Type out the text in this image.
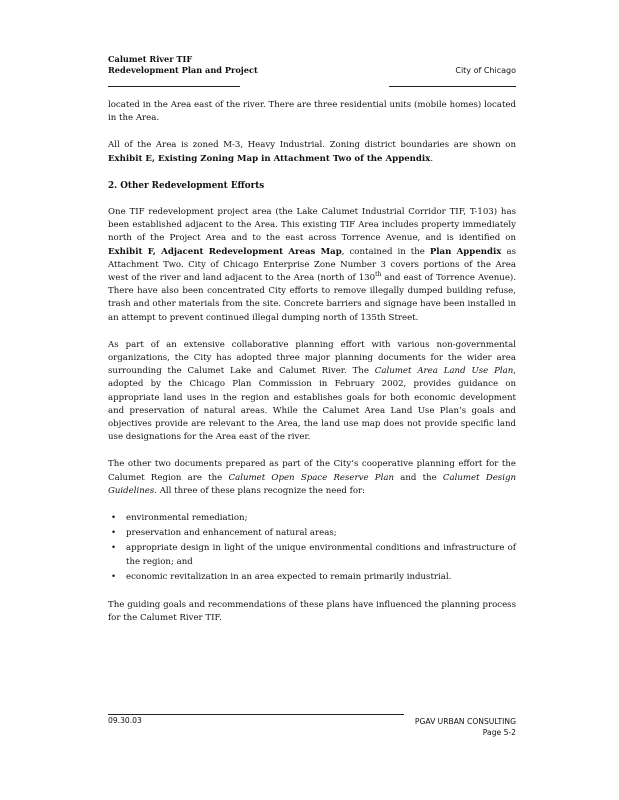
Calumet River TIF
Redevelopment Plan and Project	City of Chicago

located in the Area east of the river. There are three residential units (mobile homes) located in the Area.

All of the Area is zoned M-3, Heavy Industrial. Zoning district boundaries are shown on Exhibit E, Existing Zoning Map in Attachment Two of the Appendix.

2. Other Redevelopment Efforts

One TIF redevelopment project area (the Lake Calumet Industrial Corridor TIF, T-103) has been established adjacent to the Area. This existing TIF Area includes property immediately north of the Project Area and to the east across Torrence Avenue, and is identified on Exhibit F, Adjacent Redevelopment Areas Map, contained in the Plan Appendix as Attachment Two. City of Chicago Enterprise Zone Number 3 covers portions of the Area west of the river and land adjacent to the Area (north of 130th and east of Torrence Avenue). There have also been concentrated City efforts to remove illegally dumped building refuse, trash and other materials from the site. Concrete barriers and signage have been installed in an attempt to prevent continued illegal dumping north of 135th Street.

As part of an extensive collaborative planning effort with various non-governmental organizations, the City has adopted three major planning documents for the wider area surrounding the Calumet Lake and Calumet River. The Calumet Area Land Use Plan, adopted by the Chicago Plan Commission in February 2002, provides guidance on appropriate land uses in the region and establishes goals for both economic development and preservation of natural areas. While the Calumet Area Land Use Plan’s goals and objectives provide are relevant to the Area, the land use map does not provide specific land use designations for the Area east of the river.

The other two documents prepared as part of the City’s cooperative planning effort for the Calumet Region are the Calumet Open Space Reserve Plan and the Calumet Design Guidelines. All three of these plans recognize the need for:

• environmental remediation;
• preservation and enhancement of natural areas;
• appropriate design in light of the unique environmental conditions and infrastructure of the region; and
• economic revitalization in an area expected to remain primarily industrial.

The guiding goals and recommendations of these plans have influenced the planning process for the Calumet River TIF.

09.30.03	PGAV URBAN CONSULTING
Page 5-2
